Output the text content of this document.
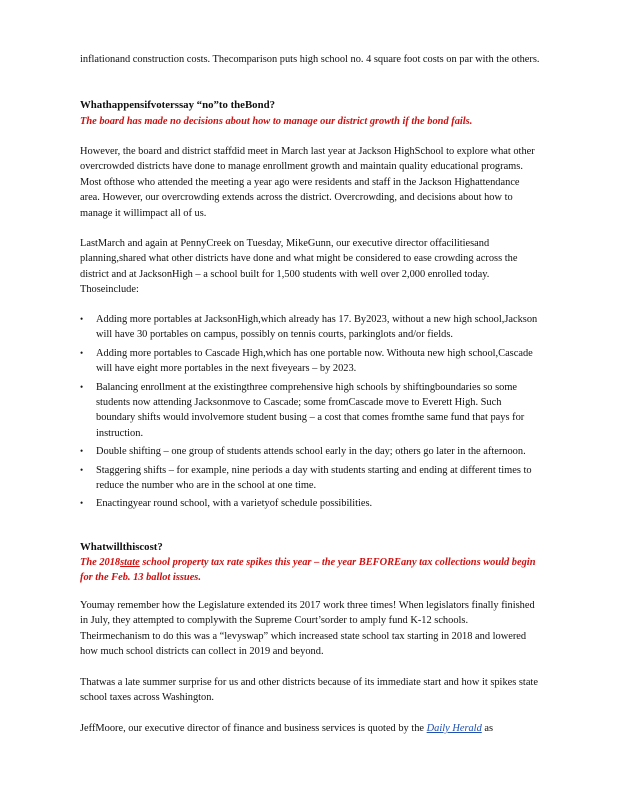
inflationand construction costs. Thecomparison puts high school no. 4 square foot costs on par with the others.

Whathappensifvoterssay “no”to theBond?

The board has made no decisions about how to manage our district growth if the bond fails.

However, the board and district staffdid meet in March last year at Jackson HighSchool to explore what other overcrowded districts have done to manage enrollment growth and maintain quality educational programs. Most ofthose who attended the meeting a year ago were residents and staff in the Jackson Highattendance area. However, our overcrowding extends across the district. Overcrowding, and decisions about how to manage it willimpact all of us.

LastMarch and again at PennyCreek on Tuesday, MikeGunn, our executive director offacilitiesand planning,shared what other districts have done and what might be considered to ease crowding across the district and at JacksonHigh – a school built for 1,500 students with well over 2,000 enrolled today. Thoseinclude:

• Adding more portables at JacksonHigh,which already has 17. By2023, without a new high school,Jackson will have 30 portables on campus, possibly on tennis courts, parkinglots and/or fields.
• Adding more portables to Cascade High,which has one portable now. Withouta new high school,Cascade will have eight more portables in the next fiveyears – by 2023.
• Balancing enrollment at the existingthree comprehensive high schools by shiftingboundaries so some students now attending Jacksonmove to Cascade; some fromCascade move to Everett High. Such boundary shifts would involvemore student busing – a cost that comes fromthe same fund that pays for instruction.
• Double shifting – one group of students attends school early in the day; others go later in the afternoon.
• Staggering shifts – for example, nine periods a day with students starting and ending at different times to reduce the number who are in the school at one time.
• Enactingyear round school, with a varietyof schedule possibilities.

Whatwillthiscost?

The 2018state school property tax rate spikes this year – the year BEFOREany tax collections would begin for the Feb. 13 ballot issues.

Youmay remember how the Legislature extended its 2017 work three times! When legislators finally finished in July, they attempted to complywith the Supreme Court’sorder to amply fund K-12 schools. Theirmechanism to do this was a “levyswap” which increased state school tax starting in 2018 and lowered how much school districts can collect in 2019 and beyond.

Thatwas a late summer surprise for us and other districts because of its immediate start and how it spikes state school taxes across Washington.

JeffMoore, our executive director of finance and business services is quoted by the Daily Herald as
